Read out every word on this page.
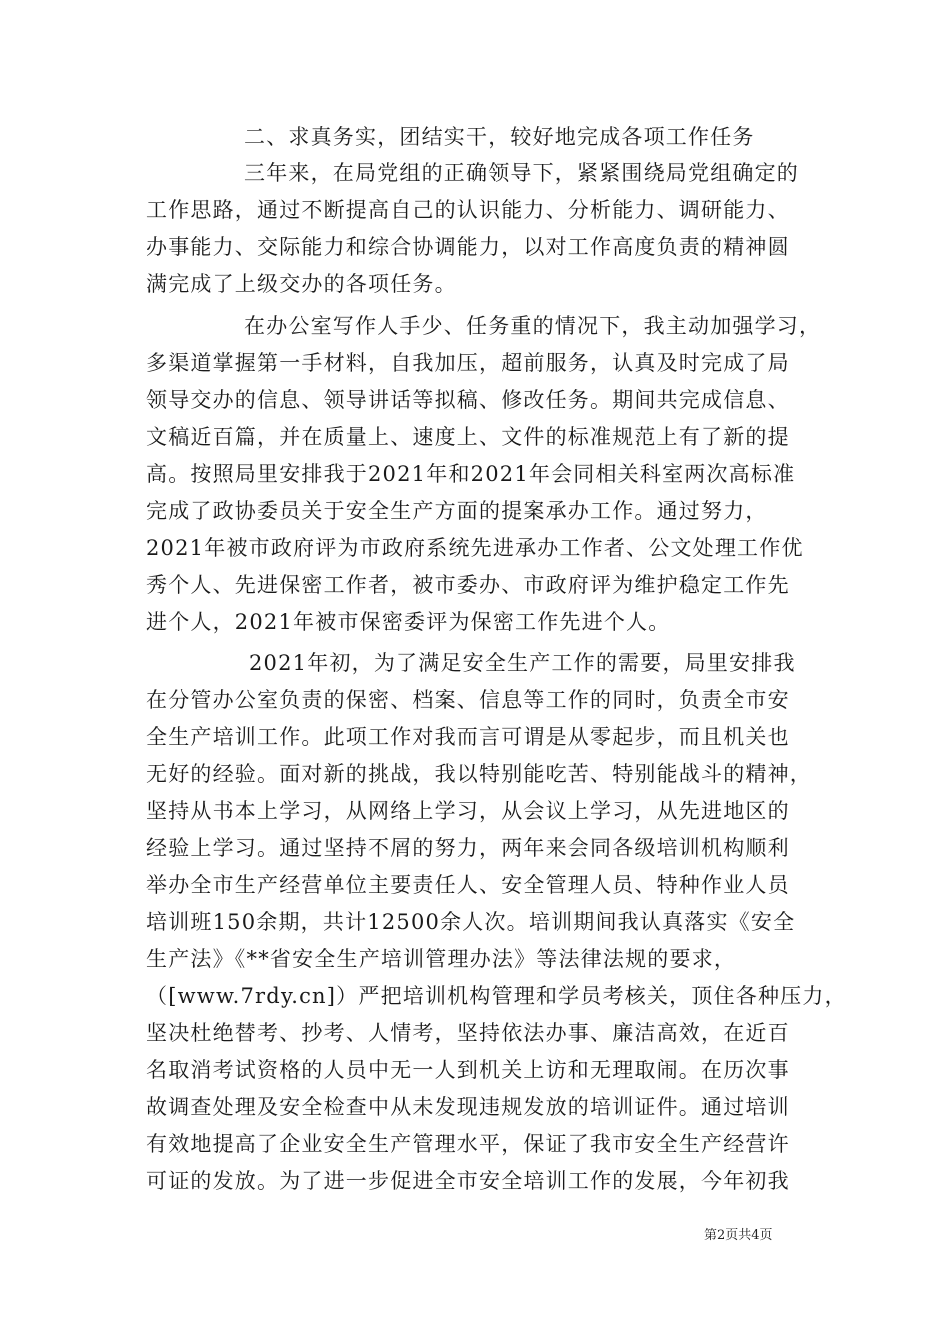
二、求真务实，团结实干，较好地完成各项工作任务
三年来，在局党组的正确领导下，紧紧围绕局党组确定的
工作思路，通过不断提高自己的认识能力、分析能力、调研能力、
办事能力、交际能力和综合协调能力，以对工作高度负责的精神圆
满完成了上级交办的各项任务。
在办公室写作人手少、任务重的情况下，我主动加强学习，
多渠道掌握第一手材料，自我加压，超前服务，认真及时完成了局
领导交办的信息、领导讲话等拟稿、修改任务。期间共完成信息、
文稿近百篇，并在质量上、速度上、文件的标准规范上有了新的提
高。按照局里安排我于2021年和2021年会同相关科室两次高标准
完成了政协委员关于安全生产方面的提案承办工作。通过努力，
2021年被市政府评为市政府系统先进承办工作者、公文处理工作优
秀个人、先进保密工作者，被市委办、市政府评为维护稳定工作先
进个人，2021年被市保密委评为保密工作先进个人。
2021年初，为了满足安全生产工作的需要，局里安排我
在分管办公室负责的保密、档案、信息等工作的同时，负责全市安
全生产培训工作。此项工作对我而言可谓是从零起步，而且机关也
无好的经验。面对新的挑战，我以特别能吃苦、特别能战斗的精神，
坚持从书本上学习，从网络上学习，从会议上学习，从先进地区的
经验上学习。通过坚持不屑的努力，两年来会同各级培训机构顺利
举办全市生产经营单位主要责任人、安全管理人员、特种作业人员
培训班150余期，共计12500余人次。培训期间我认真落实《安全
生产法》《**省安全生产培训管理办法》等法律法规的要求，
（[www.7rdy.cn]）严把培训机构管理和学员考核关，顶住各种压力，
坚决杜绝替考、抄考、人情考，坚持依法办事、廉洁高效，在近百
名取消考试资格的人员中无一人到机关上访和无理取闹。在历次事
故调查处理及安全检查中从未发现违规发放的培训证件。通过培训
有效地提高了企业安全生产管理水平，保证了我市安全生产经营许
可证的发放。为了进一步促进全市安全培训工作的发展，今年初我
第2页共4页
